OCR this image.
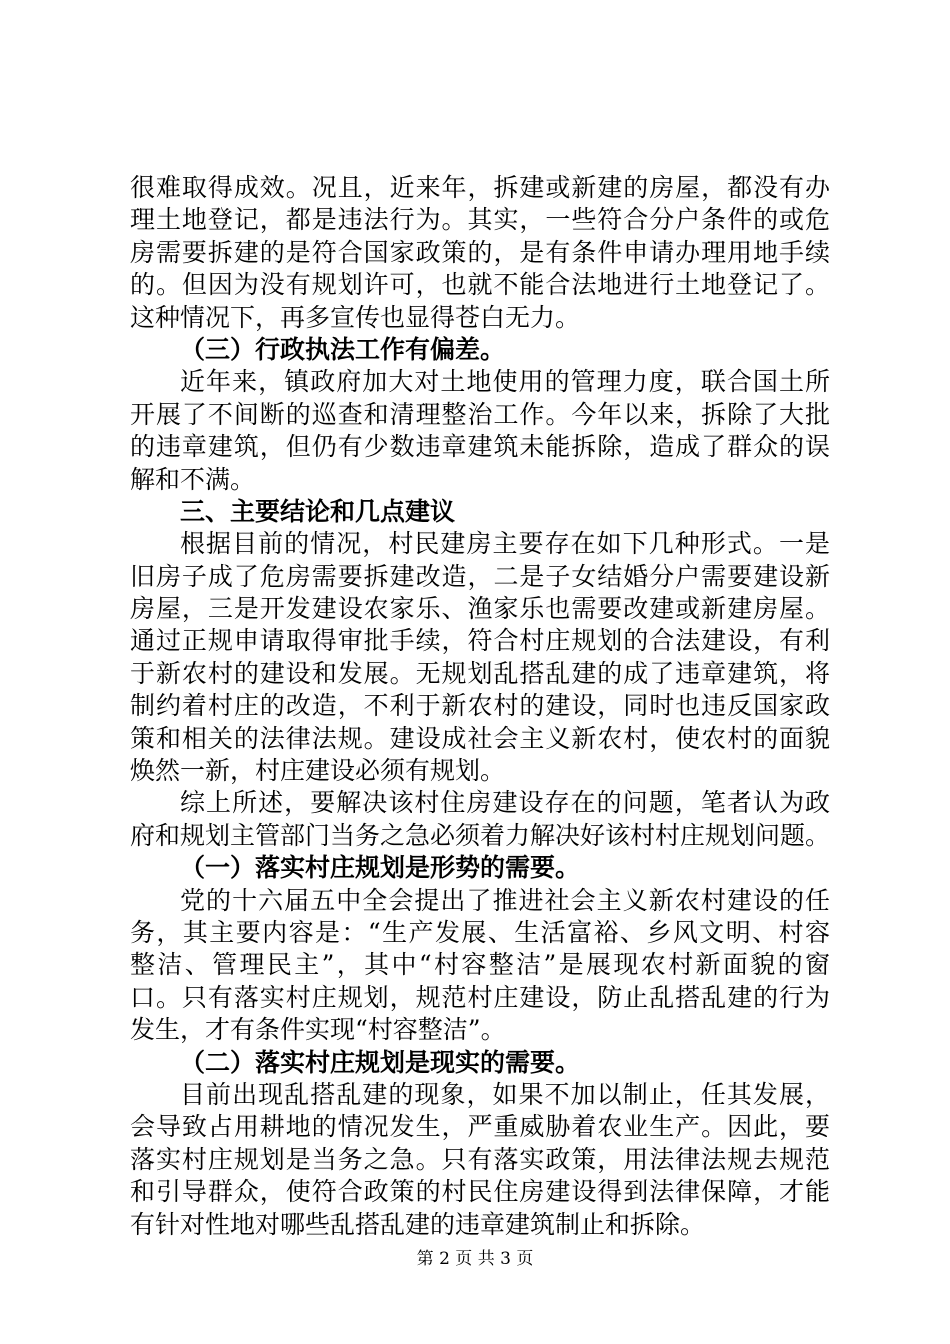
很难取得成效。况且，近来年，拆建或新建的房屋，都没有办
理土地登记，都是违法行为。其实，一些符合分户条件的或危
房需要拆建的是符合国家政策的，是有条件申请办理用地手续
的。但因为没有规划许可，也就不能合法地进行土地登记了。
这种情况下，再多宣传也显得苍白无力。
（三）行政执法工作有偏差。
近年来，镇政府加大对土地使用的管理力度，联合国土所
开展了不间断的巡查和清理整治工作。今年以来，拆除了大批
的违章建筑，但仍有少数违章建筑未能拆除，造成了群众的误
解和不满。
三、主要结论和几点建议
根据目前的情况，村民建房主要存在如下几种形式。一是
旧房子成了危房需要拆建改造，二是子女结婚分户需要建设新
房屋，三是开发建设农家乐、渔家乐也需要改建或新建房屋。
通过正规申请取得审批手续，符合村庄规划的合法建设，有利
于新农村的建设和发展。无规划乱搭乱建的成了违章建筑，将
制约着村庄的改造，不利于新农村的建设，同时也违反国家政
策和相关的法律法规。建设成社会主义新农村，使农村的面貌
焕然一新，村庄建设必须有规划。
综上所述，要解决该村住房建设存在的问题，笔者认为政
府和规划主管部门当务之急必须着力解决好该村村庄规划问题。
（一）落实村庄规划是形势的需要。
党的十六届五中全会提出了推进社会主义新农村建设的任
务，其主要内容是：“生产发展、生活富裕、乡风文明、村容
整洁、管理民主”，其中“村容整洁”是展现农村新面貌的窗
口。只有落实村庄规划，规范村庄建设，防止乱搭乱建的行为
发生，才有条件实现“村容整洁”。
（二）落实村庄规划是现实的需要。
目前出现乱搭乱建的现象，如果不加以制止，任其发展，
会导致占用耕地的情况发生，严重威胁着农业生产。因此，要
落实村庄规划是当务之急。只有落实政策，用法律法规去规范
和引导群众，使符合政策的村民住房建设得到法律保障，才能
有针对性地对哪些乱搭乱建的违章建筑制止和拆除。
第 2 页 共 3 页
